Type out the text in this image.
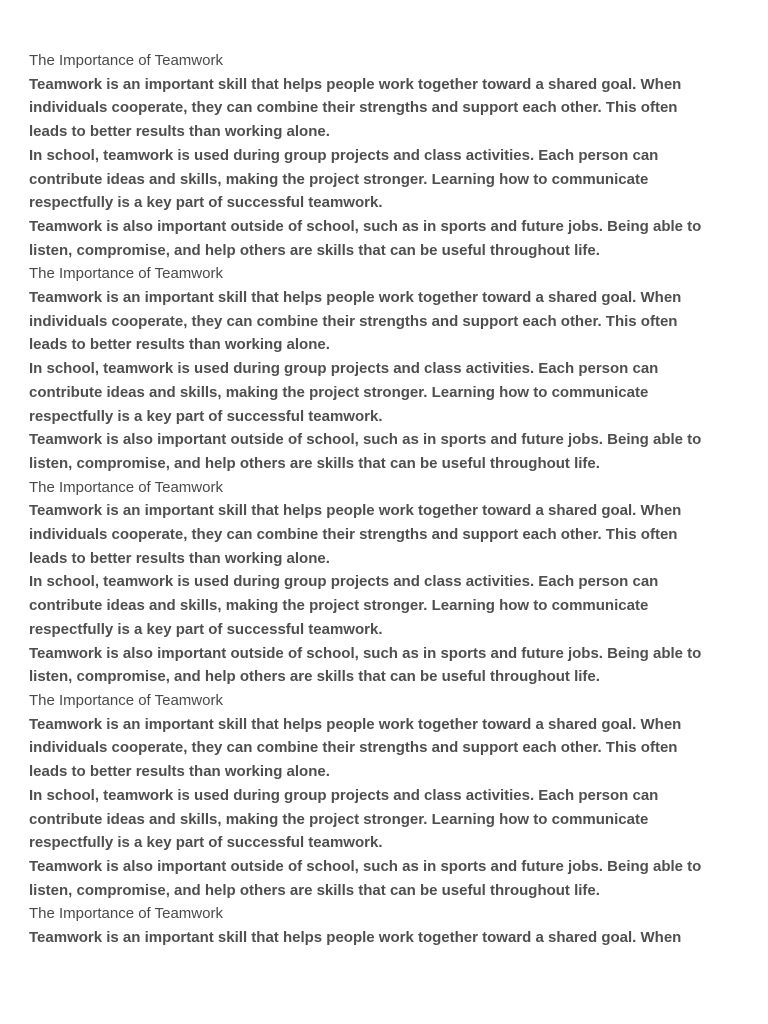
The Importance of Teamwork
Teamwork is an important skill that helps people work together toward a shared goal. When
individuals cooperate, they can combine their strengths and support each other. This often
leads to better results than working alone.
In school, teamwork is used during group projects and class activities. Each person can
contribute ideas and skills, making the project stronger. Learning how to communicate
respectfully is a key part of successful teamwork.
Teamwork is also important outside of school, such as in sports and future jobs. Being able to
listen, compromise, and help others are skills that can be useful throughout life.
The Importance of Teamwork
Teamwork is an important skill that helps people work together toward a shared goal. When
individuals cooperate, they can combine their strengths and support each other. This often
leads to better results than working alone.
In school, teamwork is used during group projects and class activities. Each person can
contribute ideas and skills, making the project stronger. Learning how to communicate
respectfully is a key part of successful teamwork.
Teamwork is also important outside of school, such as in sports and future jobs. Being able to
listen, compromise, and help others are skills that can be useful throughout life.
The Importance of Teamwork
Teamwork is an important skill that helps people work together toward a shared goal. When
individuals cooperate, they can combine their strengths and support each other. This often
leads to better results than working alone.
In school, teamwork is used during group projects and class activities. Each person can
contribute ideas and skills, making the project stronger. Learning how to communicate
respectfully is a key part of successful teamwork.
Teamwork is also important outside of school, such as in sports and future jobs. Being able to
listen, compromise, and help others are skills that can be useful throughout life.
The Importance of Teamwork
Teamwork is an important skill that helps people work together toward a shared goal. When
individuals cooperate, they can combine their strengths and support each other. This often
leads to better results than working alone.
In school, teamwork is used during group projects and class activities. Each person can
contribute ideas and skills, making the project stronger. Learning how to communicate
respectfully is a key part of successful teamwork.
Teamwork is also important outside of school, such as in sports and future jobs. Being able to
listen, compromise, and help others are skills that can be useful throughout life.
The Importance of Teamwork
Teamwork is an important skill that helps people work together toward a shared goal. When
